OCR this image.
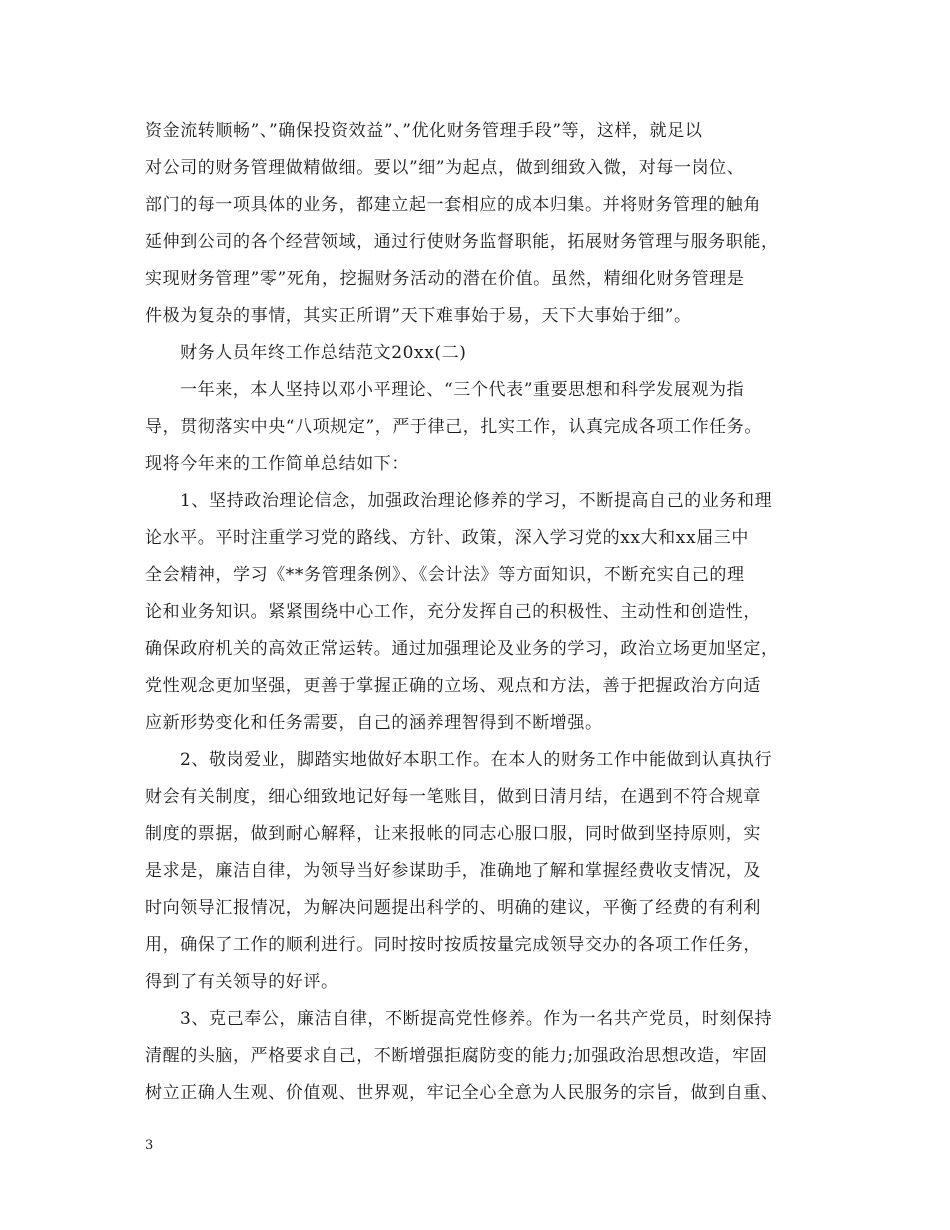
资金流转顺畅”、”确保投资效益”、”优化财务管理手段”等，这样，就足以
对公司的财务管理做精做细。要以”细”为起点，做到细致入微，对每一岗位、
部门的每一项具体的业务，都建立起一套相应的成本归集。并将财务管理的触角
延伸到公司的各个经营领域，通过行使财务监督职能，拓展财务管理与服务职能，
实现财务管理”零”死角，挖掘财务活动的潜在价值。虽然，精细化财务管理是
件极为复杂的事情，其实正所谓”天下难事始于易，天下大事始于细”。
财务人员年终工作总结范文20xx(二)
一年来，本人坚持以邓小平理论、“三个代表”重要思想和科学发展观为指
导，贯彻落实中央“八项规定”，严于律己，扎实工作，认真完成各项工作任务。
现将今年来的工作简单总结如下：
1、坚持政治理论信念，加强政治理论修养的学习，不断提高自己的业务和理
论水平。平时注重学习党的路线、方针、政策，深入学习党的xx大和xx届三中
全会精神，学习《**务管理条例》、《会计法》等方面知识，不断充实自己的理
论和业务知识。紧紧围绕中心工作，充分发挥自己的积极性、主动性和创造性，
确保政府机关的高效正常运转。通过加强理论及业务的学习，政治立场更加坚定，
党性观念更加坚强，更善于掌握正确的立场、观点和方法，善于把握政治方向适
应新形势变化和任务需要，自己的涵养理智得到不断增强。
2、敬岗爱业，脚踏实地做好本职工作。在本人的财务工作中能做到认真执行
财会有关制度，细心细致地记好每一笔账目，做到日清月结，在遇到不符合规章
制度的票据，做到耐心解释，让来报帐的同志心服口服，同时做到坚持原则，实
是求是，廉洁自律，为领导当好参谋助手，准确地了解和掌握经费收支情况，及
时向领导汇报情况，为解决问题提出科学的、明确的建议，平衡了经费的有利利
用，确保了工作的顺利进行。同时按时按质按量完成领导交办的各项工作任务，
得到了有关领导的好评。
3、克己奉公，廉洁自律，不断提高党性修养。作为一名共产党员，时刻保持
清醒的头脑，严格要求自己，不断增强拒腐防变的能力;加强政治思想改造，牢固
树立正确人生观、价值观、世界观，牢记全心全意为人民服务的宗旨，做到自重、
3
